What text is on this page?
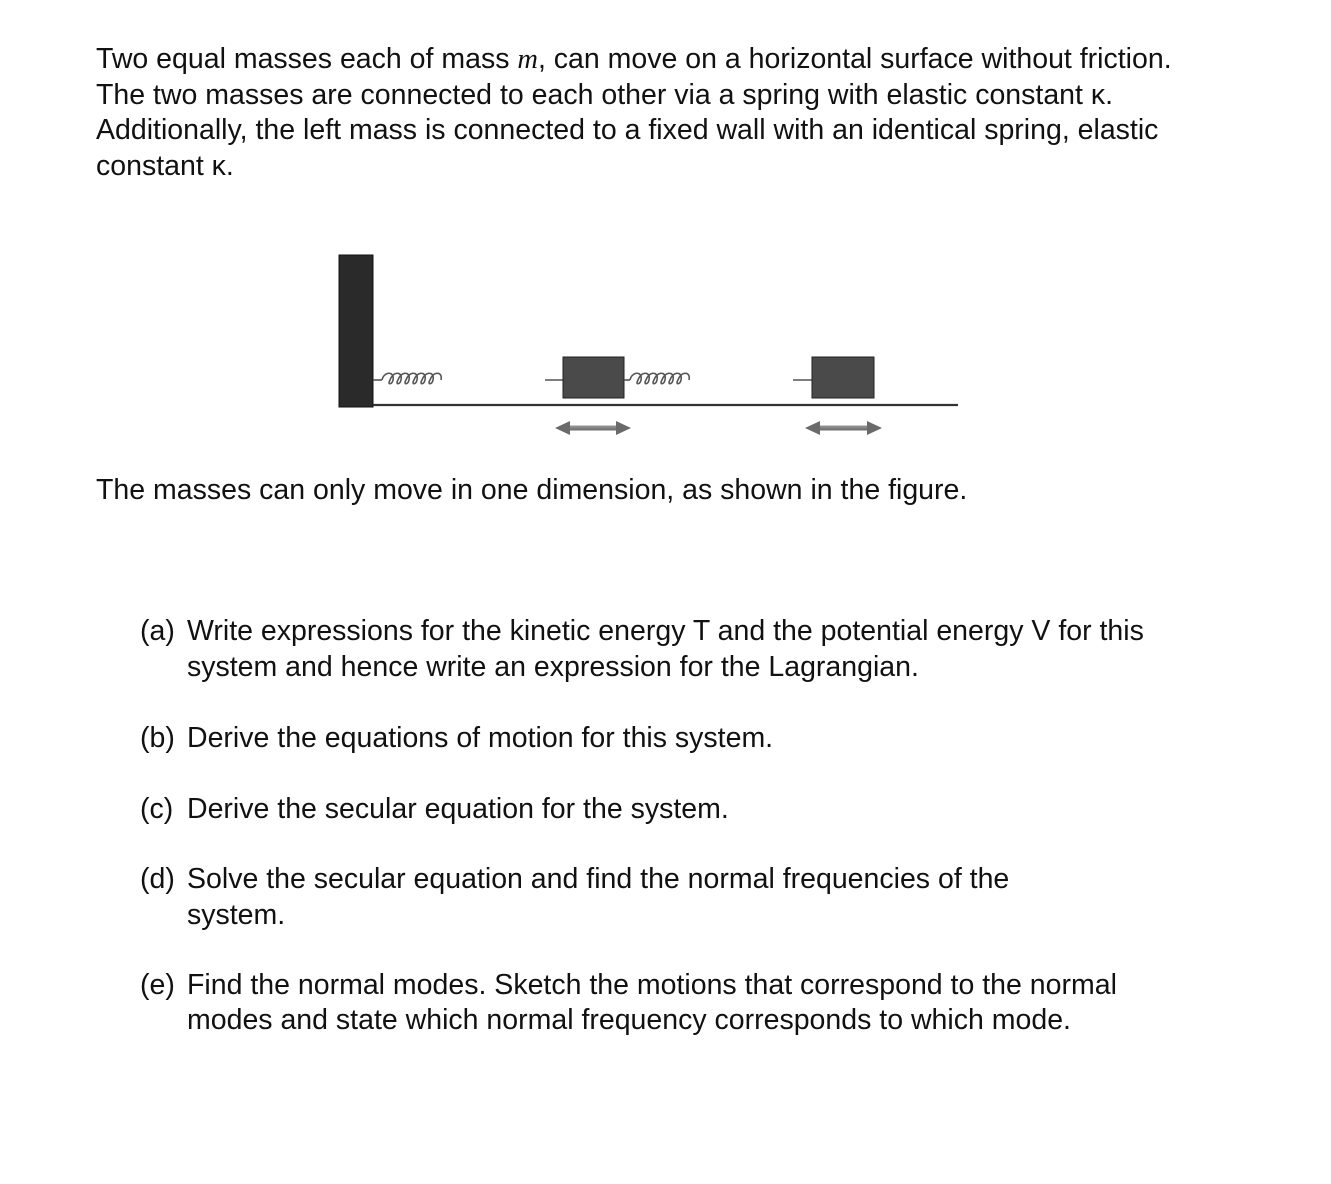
Two equal masses each of mass m, can move on a horizontal surface without friction. The two masses are connected to each other via a spring with elastic constant κ. Additionally, the left mass is connected to a fixed wall with an identical spring, elastic constant κ.

The masses can only move in one dimension, as shown in the figure.

(a) Write expressions for the kinetic energy T and the potential energy V for this system and hence write an expression for the Lagrangian.
(b) Derive the equations of motion for this system.
(c) Derive the secular equation for the system.
(d) Solve the secular equation and find the normal frequencies of the system.
(e) Find the normal modes. Sketch the motions that correspond to the normal modes and state which normal frequency corresponds to which mode.
